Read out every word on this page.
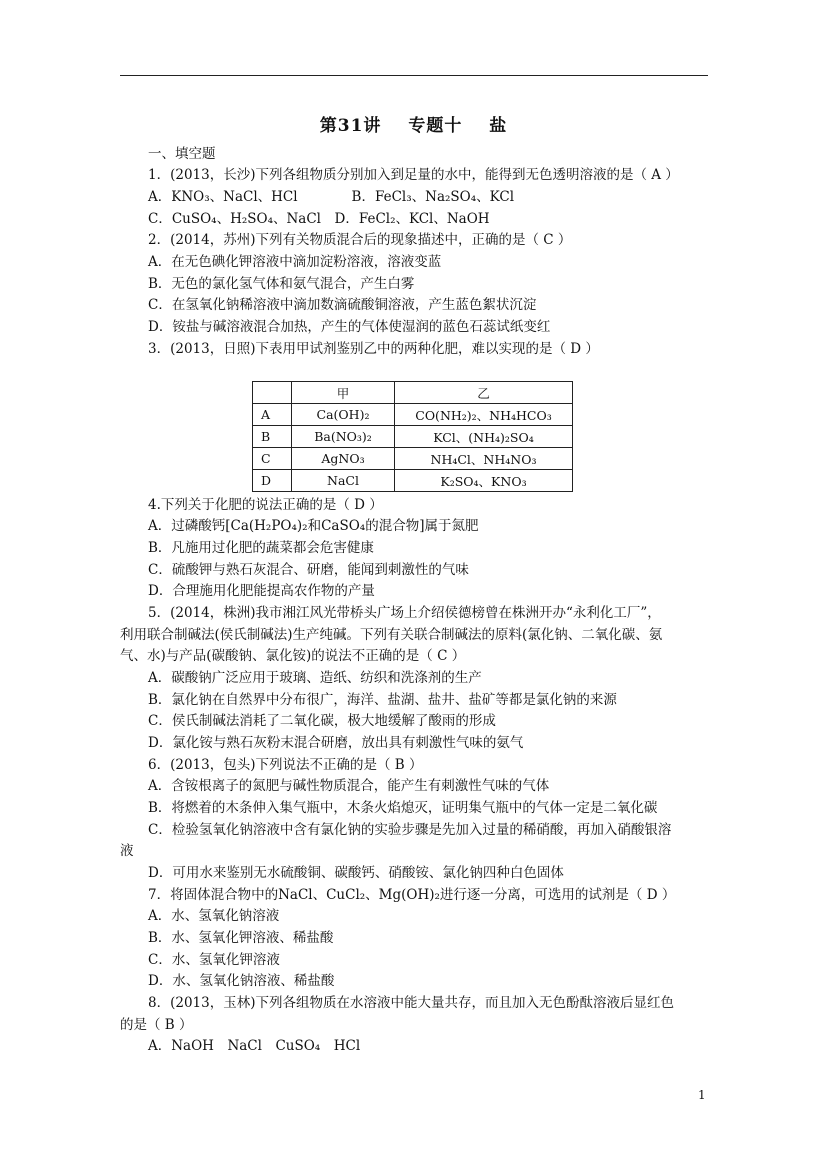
第31讲 专题十 盐
一、填空题
1．(2013，长沙)下列各组物质分别加入到足量的水中，能得到无色透明溶液的是（ A ）
A．KNO₃、NaCl、HCl　　　　B．FeCl₃、Na₂SO₄、KCl
C．CuSO₄、H₂SO₄、NaCl　D．FeCl₂、KCl、NaOH
2．(2014，苏州)下列有关物质混合后的现象描述中，正确的是（ C ）
A．在无色碘化钾溶液中滴加淀粉溶液，溶液变蓝
B．无色的氯化氢气体和氨气混合，产生白雾
C．在氢氧化钠稀溶液中滴加数滴硫酸铜溶液，产生蓝色絮状沉淀
D．铵盐与碱溶液混合加热，产生的气体使湿润的蓝色石蕊试纸变红
3．(2013，日照)下表用甲试剂鉴别乙中的两种化肥，难以实现的是（ D ）
	甲	乙
A	Ca(OH)₂	CO(NH₂)₂、NH₄HCO₃
B	Ba(NO₃)₂	KCl、(NH₄)₂SO₄
C	AgNO₃	NH₄Cl、NH₄NO₃
D	NaCl	K₂SO₄、KNO₃
4.下列关于化肥的说法正确的是（ D ）
A．过磷酸钙[Ca(H₂PO₄)₂和CaSO₄的混合物]属于氮肥
B．凡施用过化肥的蔬菜都会危害健康
C．硫酸钾与熟石灰混合、研磨，能闻到刺激性的气味
D．合理施用化肥能提高农作物的产量
5．(2014，株洲)我市湘江风光带桥头广场上介绍侯德榜曾在株洲开办“永利化工厂”，
利用联合制碱法(侯氏制碱法)生产纯碱。下列有关联合制碱法的原料(氯化钠、二氧化碳、氨
气、水)与产品(碳酸钠、氯化铵)的说法不正确的是（ C ）
A．碳酸钠广泛应用于玻璃、造纸、纺织和洗涤剂的生产
B．氯化钠在自然界中分布很广，海洋、盐湖、盐井、盐矿等都是氯化钠的来源
C．侯氏制碱法消耗了二氧化碳，极大地缓解了酸雨的形成
D．氯化铵与熟石灰粉末混合研磨，放出具有刺激性气味的氨气
6．(2013，包头)下列说法不正确的是（ B ）
A．含铵根离子的氮肥与碱性物质混合，能产生有刺激性气味的气体
B．将燃着的木条伸入集气瓶中，木条火焰熄灭，证明集气瓶中的气体一定是二氧化碳
C．检验氢氧化钠溶液中含有氯化钠的实验步骤是先加入过量的稀硝酸，再加入硝酸银溶
液
D．可用水来鉴别无水硫酸铜、碳酸钙、硝酸铵、氯化钠四种白色固体
7．将固体混合物中的NaCl、CuCl₂、Mg(OH)₂进行逐一分离，可选用的试剂是（ D ）
A．水、氢氧化钠溶液
B．水、氢氧化钾溶液、稀盐酸
C．水、氢氧化钾溶液
D．水、氢氧化钠溶液、稀盐酸
8．(2013，玉林)下列各组物质在水溶液中能大量共存，而且加入无色酚酞溶液后显红色
的是（ B ）
A．NaOH　NaCl　CuSO₄　HCl
1
